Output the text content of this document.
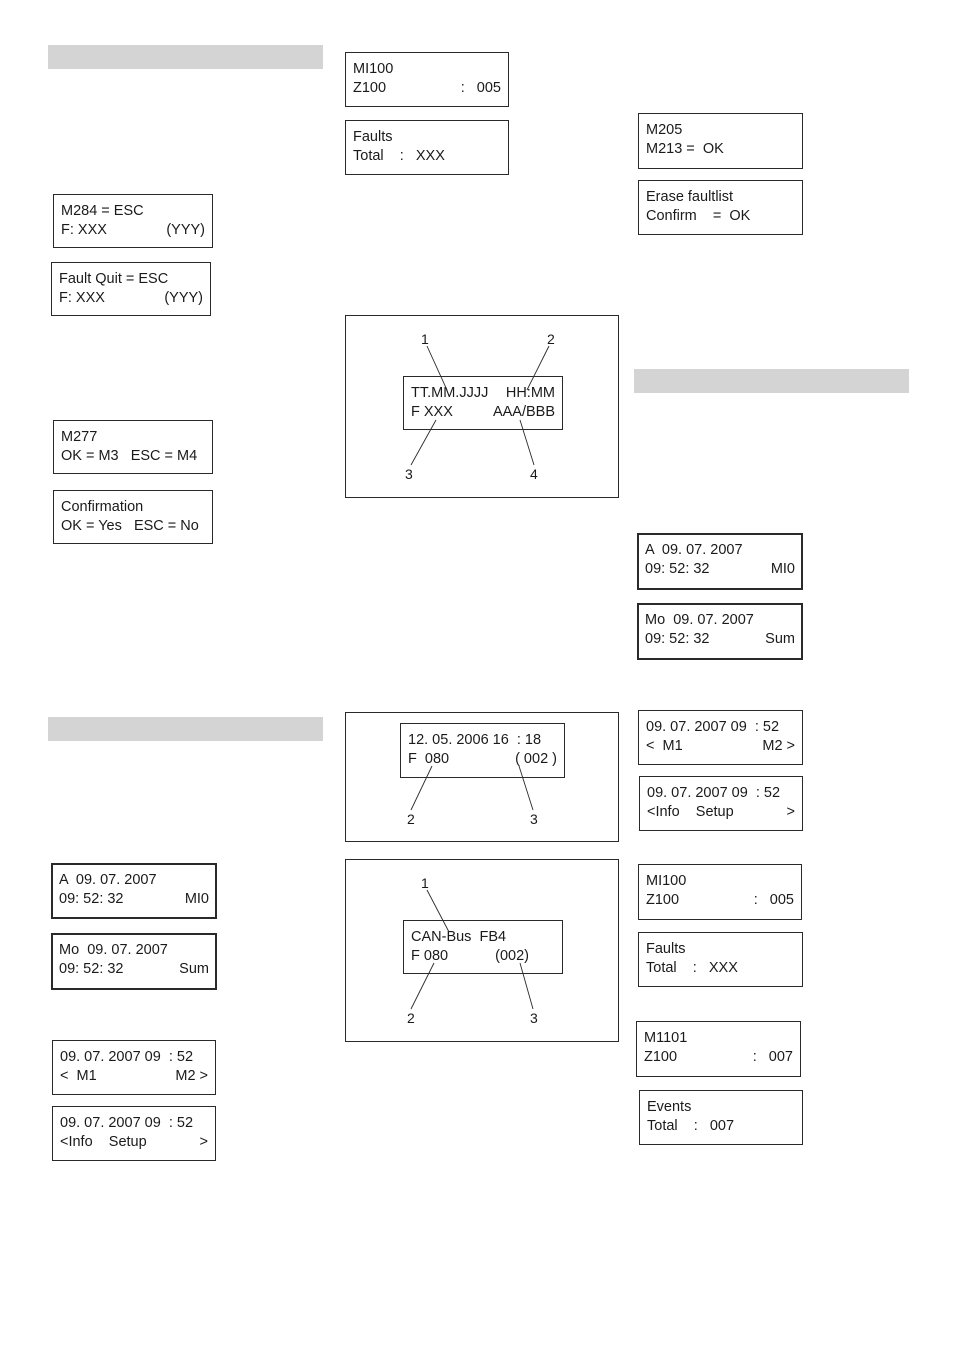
M284 = ESC
F: XXX	(YYY)
Fault Quit = ESC
F: XXX	(YYY)
M277
OK = M3   ESC = M4
Confirmation
OK = Yes   ESC = No
A  09. 07. 2007
09: 52: 32	MI0
Mo  09. 07. 2007
09: 52: 32	Sum
09. 07. 2007 09  : 52
<  M1	M2 >
09. 07. 2007 09  : 52
<Info    Setup	>
MI100
Z100	:   005
Faults
Total    :   XXX
TT.MM.JJJJ HH:MM
F XXX	AAA/BBB
1	2
3	4
12. 05. 2006 16  : 18
F  080	( 002 )
2	3
CAN-Bus  FB4
F 080	(002)
1
2	3
M205
M213 =  OK
Erase faultlist
Confirm    =  OK
A  09. 07. 2007
09: 52: 32	MI0
Mo  09. 07. 2007
09: 52: 32	Sum
09. 07. 2007 09  : 52
<  M1	M2 >
09. 07. 2007 09  : 52
<Info    Setup	>
MI100
Z100	:   005
Faults
Total    :   XXX
M1101
Z100	:   007
Events
Total    :   007
